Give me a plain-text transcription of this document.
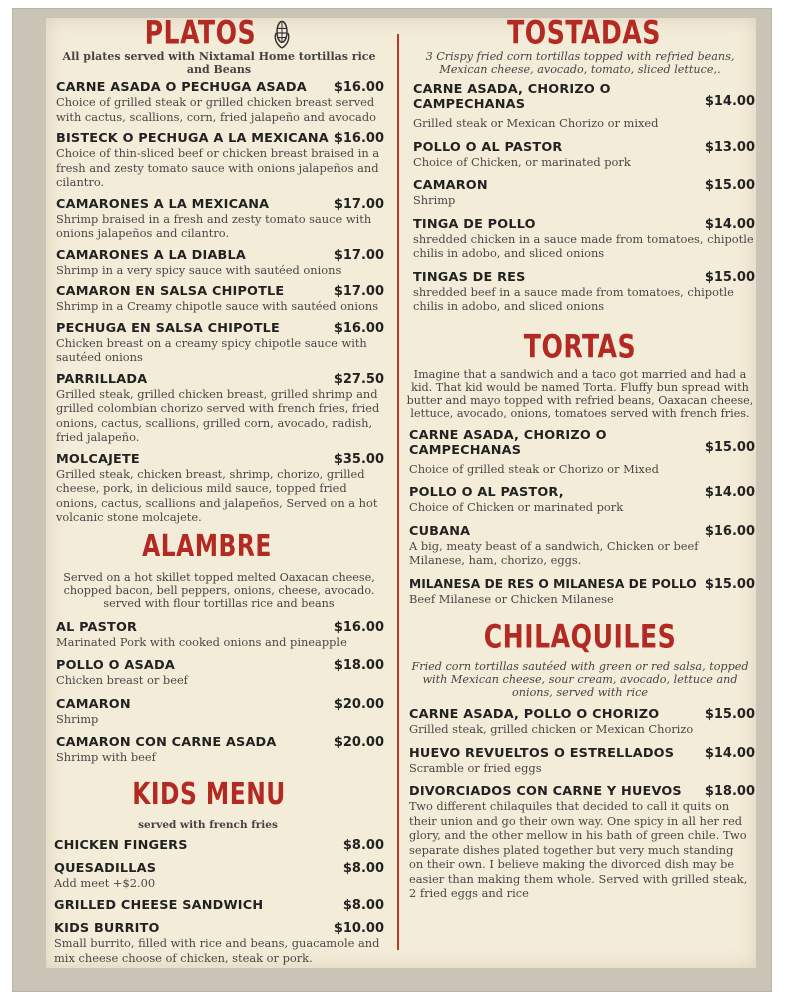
PLATOS
All plates served with Nixtamal Home tortillas rice and Beans
CARNE ASADA O PECHUGA ASADA	$16.00
Choice of grilled steak or grilled chicken breast served with cactus, scallions, corn, fried jalapeño and avocado
BISTECK O PECHUGA A LA MEXICANA $16.00
Choice of thin-sliced beef or chicken breast braised in a fresh and zesty tomato sauce with onions jalapeños and cilantro.
CAMARONES A LA MEXICANA	$17.00
Shrimp braised in a fresh and zesty tomato sauce with onions jalapeños and cilantro.
CAMARONES A LA DIABLA	$17.00
Shrimp in a very spicy sauce with sautéed onions
CAMARON EN SALSA CHIPOTLE	$17.00
Shrimp in a Creamy chipotle sauce with sautéed onions
PECHUGA EN SALSA CHIPOTLE	$16.00
Chicken breast on a creamy spicy chipotle sauce with sautéed onions
PARRILLADA	$27.50
Grilled steak, grilled chicken breast, grilled shrimp and grilled colombian chorizo served with french fries, fried onions, cactus, scallions, grilled corn, avocado, radish, fried jalapeño.
MOLCAJETE	$35.00
Grilled steak, chicken breast, shrimp, chorizo, grilled cheese, pork, in delicious mild sauce, topped fried onions, cactus, scallions and jalapeños, Served on a hot volcanic stone molcajete.
ALAMBRE
Served on a hot skillet topped melted Oaxacan cheese, chopped bacon, bell peppers, onions, cheese, avocado. served with flour tortillas rice and beans
AL PASTOR	$16.00
Marinated Pork with cooked onions and pineapple
POLLO O ASADA	$18.00
Chicken breast or beef
CAMARON	$20.00
Shrimp
CAMARON CON CARNE ASADA	$20.00
Shrimp with beef
KIDS MENU
served with french fries
CHICKEN FINGERS	$8.00
QUESADILLAS	$8.00
Add meet +$2.00
GRILLED CHEESE SANDWICH	$8.00
KIDS BURRITO	$10.00
Small burrito, filled with rice and beans, guacamole and mix cheese choose of chicken, steak or pork.
TOSTADAS
3 Crispy fried corn tortillas topped with refried beans, Mexican cheese, avocado, tomato, sliced lettuce,.
CARNE ASADA, CHORIZO O CAMPECHANAS	$14.00
Grilled steak or Mexican Chorizo or mixed
POLLO O AL PASTOR	$13.00
Choice of Chicken, or marinated pork
CAMARON	$15.00
Shrimp
TINGA DE POLLO	$14.00
shredded chicken in a sauce made from tomatoes, chipotle chilis in adobo, and sliced onions
TINGAS DE RES	$15.00
shredded beef in a sauce made from tomatoes, chipotle chilis in adobo, and sliced onions
TORTAS
Imagine that a sandwich and a taco got married and had a kid. That kid would be named Torta. Fluffy bun spread with butter and mayo topped with refried beans, Oaxacan cheese, lettuce, avocado, onions, tomatoes served with french fries.
CARNE ASADA, CHORIZO O CAMPECHANAS	$15.00
Choice of grilled steak or Chorizo or Mixed
POLLO O AL PASTOR,	$14.00
Choice of Chicken or marinated pork
CUBANA	$16.00
A big, meaty beast of a sandwich, Chicken or beef Milanese, ham, chorizo, eggs.
MILANESA DE RES O MILANESA DE POLLO $15.00
Beef Milanese or Chicken Milanese
CHILAQUILES
Fried corn tortillas sautéed with green or red salsa, topped with Mexican cheese, sour cream, avocado, lettuce and onions, served with rice
CARNE ASADA, POLLO O CHORIZO	$15.00
Grilled steak, grilled chicken or Mexican Chorizo
HUEVO REVUELTOS O ESTRELLADOS	$14.00
Scramble or fried eggs
DIVORCIADOS CON CARNE Y HUEVOS	$18.00
Two different chilaquiles that decided to call it quits on their union and go their own way. One spicy in all her red glory, and the other mellow in his bath of green chile. Two separate dishes plated together but very much standing on their own. I believe making the divorced dish may be easier than making them whole. Served with grilled steak, 2 fried eggs and rice
